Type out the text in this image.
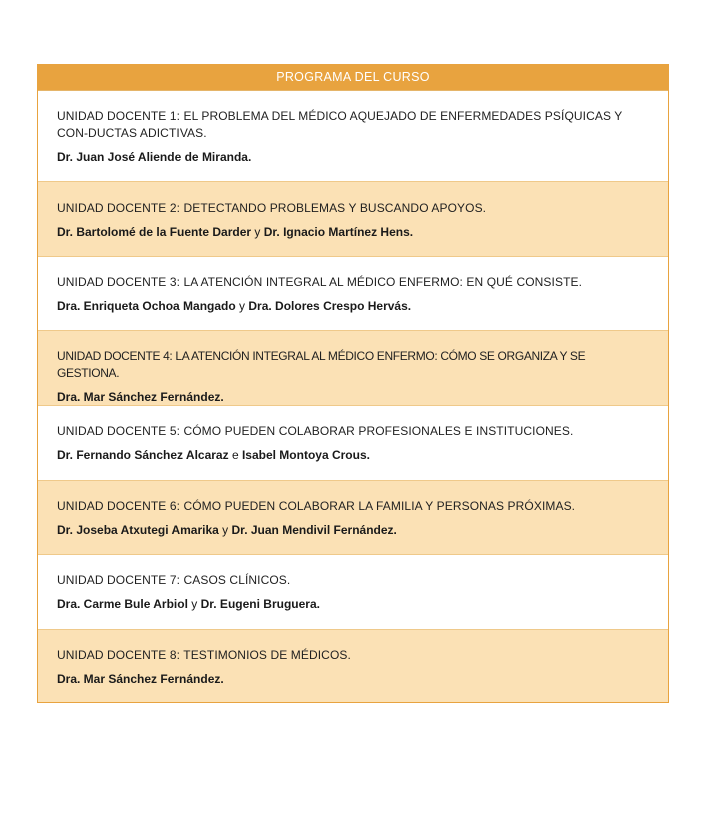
PROGRAMA DEL CURSO
UNIDAD DOCENTE 1: EL PROBLEMA DEL MÉDICO AQUEJADO DE ENFERMEDADES PSÍQUICAS Y CON-DUCTAS ADICTIVAS.
Dr. Juan José Aliende de Miranda.
UNIDAD DOCENTE 2: DETECTANDO PROBLEMAS Y BUSCANDO APOYOS.
Dr. Bartolomé de la Fuente Darder y Dr. Ignacio Martínez Hens.
UNIDAD DOCENTE 3: LA ATENCIÓN INTEGRAL AL MÉDICO ENFERMO: EN QUÉ CONSISTE.
Dra. Enriqueta Ochoa Mangado y Dra. Dolores Crespo Hervás.
UNIDAD DOCENTE 4: LA ATENCIÓN INTEGRAL AL MÉDICO ENFERMO: CÓMO SE ORGANIZA Y SE GESTIONA.
Dra. Mar Sánchez Fernández.
UNIDAD DOCENTE 5: CÓMO PUEDEN COLABORAR PROFESIONALES E INSTITUCIONES.
Dr. Fernando Sánchez Alcaraz e Isabel Montoya Crous.
UNIDAD DOCENTE 6: CÓMO PUEDEN COLABORAR LA FAMILIA Y PERSONAS PRÓXIMAS.
Dr. Joseba Atxutegi Amarika y Dr. Juan Mendivil Fernández.
UNIDAD DOCENTE 7: CASOS CLÍNICOS.
Dra. Carme Bule Arbiol y Dr. Eugeni Bruguera.
UNIDAD DOCENTE 8: TESTIMONIOS DE MÉDICOS.
Dra. Mar Sánchez Fernández.
